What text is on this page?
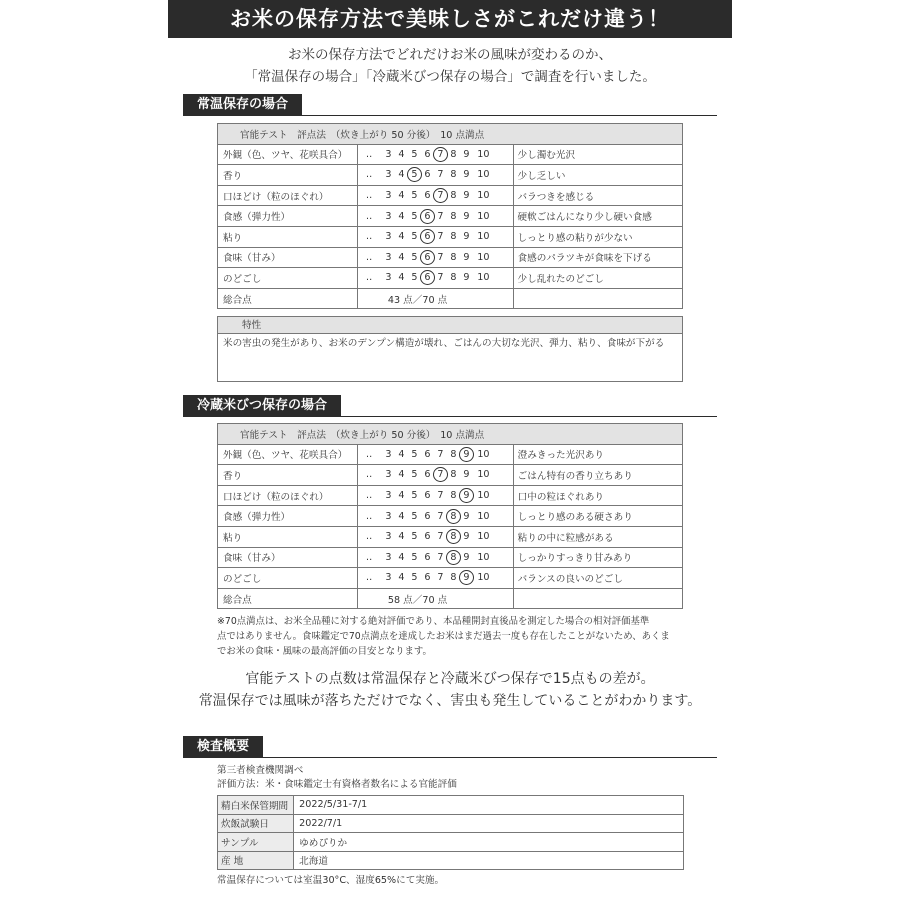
お米の保存方法で美味しさがこれだけ違う！
お米の保存方法でどれだけお米の風味が変わるのか、
「常温保存の場合」「冷蔵米びつ保存の場合」で調査を行いました。
常温保存の場合
官能テスト　評点法　（炊き上がり 50 分後）　10 点満点		
外観（色、ツヤ、花咲具合）	‥ 3 4 5 6 7 8 9 10	少し濁む光沢
香り	‥ 3 4 5 6 7 8 9 10	少し乏しい
口ほどけ（粒のほぐれ）	‥ 3 4 5 6 7 8 9 10	バラつきを感じる
食感（弾力性）	‥ 3 4 5 6 7 8 9 10	硬軟ごはんになり少し硬い食感
粘り	‥ 3 4 5 6 7 8 9 10	しっとり感の粘りが少ない
食味（甘み）	‥ 3 4 5 6 7 8 9 10	食感のパラツキが食味を下げる
のどごし	‥ 3 4 5 6 7 8 9 10	少し乱れたのどごし
総合点	43 点／70 点	
特性
米の害虫の発生があり、お米のデンプン構造が壊れ、ごはんの大切な光沢、弾力、粘り、食味が下がる
冷蔵米びつ保存の場合
官能テスト　評点法　（炊き上がり 50 分後）　10 点満点		
外観（色、ツヤ、花咲具合）	‥ 3 4 5 6 7 8 9 10	澄みきった光沢あり
香り	‥ 3 4 5 6 7 8 9 10	ごはん特有の香り立ちあり
口ほどけ（粒のほぐれ）	‥ 3 4 5 6 7 8 9 10	口中の粒ほぐれあり
食感（弾力性）	‥ 3 4 5 6 7 8 9 10	しっとり感のある硬さあり
粘り	‥ 3 4 5 6 7 8 9 10	粘りの中に粒感がある
食味（甘み）	‥ 3 4 5 6 7 8 9 10	しっかりすっきり甘みあり
のどごし	‥ 3 4 5 6 7 8 9 10	バランスの良いのどごし
総合点	58 点／70 点	
※70点満点は、お米全品種に対する絶対評価であり、本品種開封直後品を測定した場合の相対評価基準
点ではありません。食味鑑定で70点満点を達成したお米はまだ過去一度も存在したことがないため、あくま
でお米の食味・風味の最高評価の目安となります。
官能テストの点数は常温保存と冷蔵米びつ保存で15点もの差が。
常温保存では風味が落ちただけでなく、害虫も発生していることがわかります。
検査概要
第三者検査機関調べ
評価方法：米・食味鑑定士有資格者数名による官能評価
精白米保管期間	2022/5/31-7/1
炊飯試験日	2022/7/1
サンプル	ゆめぴりか
産 地	北海道
常温保存については室温30°C、湿度65%にて実施。
